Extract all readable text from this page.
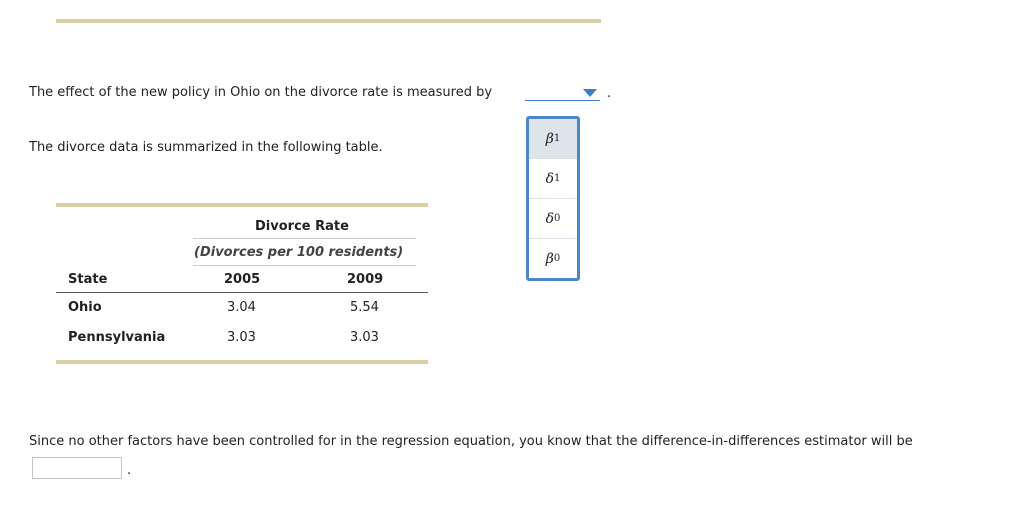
The effect of the new policy in Ohio on the divorce rate is measured by	.
β 1
δ 1
δ 0
β 0
The divorce data is summarized in the following table.
Divorce Rate
(Divorces per 100 residents)
State	2005	2009
Ohio	3.04	5.54
Pennsylvania	3.03	3.03
Since no other factors have been controlled for in the regression equation, you know that the difference-in-differences estimator will be
.
